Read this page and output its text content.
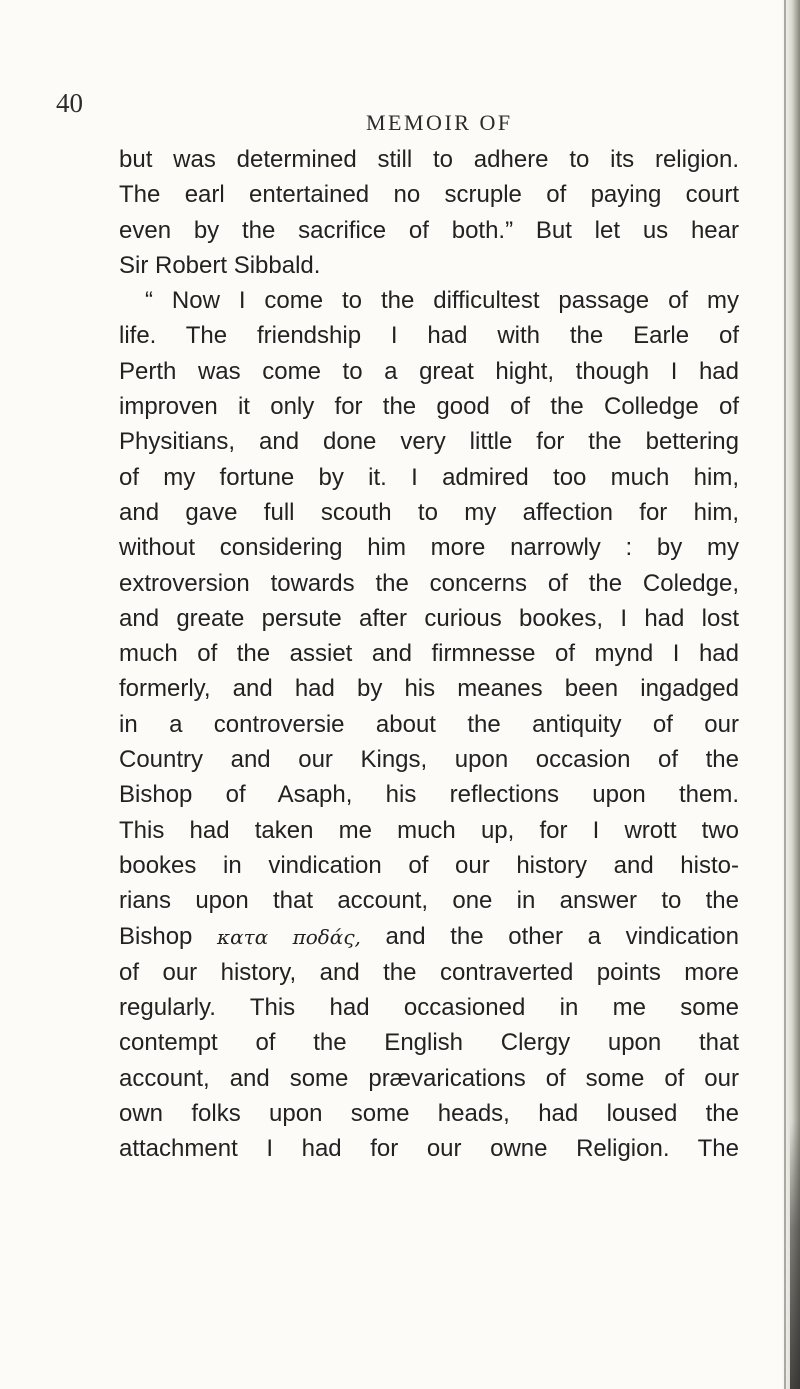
40

MEMOIR OF

but was determined still to adhere to its religion.
The earl entertained no scruple of paying court
even by the sacrifice of both.” But let us hear
Sir Robert Sibbald.
“ Now I come to the difficultest passage of my
life. The friendship I had with the Earle of
Perth was come to a great hight, though I had
improven it only for the good of the Colledge of
Physitians, and done very little for the bettering
of my fortune by it. I admired too much him,
and gave full scouth to my affection for him,
without considering him more narrowly : by my
extroversion towards the concerns of the Coledge,
and greate persute after curious bookes, I had lost
much of the assiet and firmnesse of mynd I had
formerly, and had by his meanes been ingadged
in a controversie about the antiquity of our
Country and our Kings, upon occasion of the
Bishop of Asaph, his reflections upon them.
This had taken me much up, for I wrott two
bookes in vindication of our history and histo-
rians upon that account, one in answer to the
Bishop κατα πoδάς, and the other a vindication
of our history, and the contraverted points more
regularly. This had occasioned in me some
contempt of the English Clergy upon that
account, and some prævarications of some of our
own folks upon some heads, had loused the
attachment I had for our owne Religion. The
